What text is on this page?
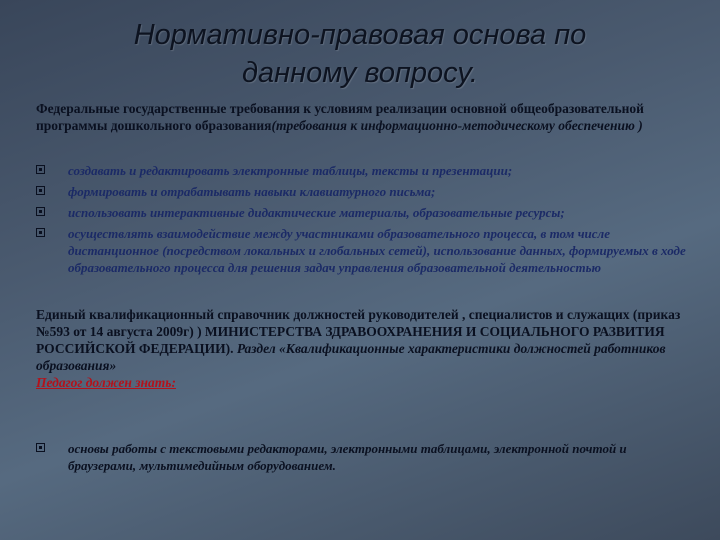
Нормативно-правовая основа по
данному вопросу.
Федеральные государственные требования к условиям реализации основной общеобразовательной программы дошкольного образования(требования к информационно-методическому обеспечению )
создавать и редактировать электронные таблицы, тексты и презентации;
формировать и отрабатывать навыки клавиатурного письма;
использовать интерактивные дидактические материалы, образовательные ресурсы;
осуществлять взаимодействие между участниками образовательного процесса, в том числе дистанционное (посредством локальных и глобальных сетей), использование данных, формируемых в ходе образовательного процесса для решения задач управления образовательной деятельностью
Единый квалификационный справочник должностей руководителей , специалистов и служащих (приказ №593 от 14 августа 2009г) ) МИНИСТЕРСТВА ЗДРАВООХРАНЕНИЯ И СОЦИАЛЬНОГО РАЗВИТИЯ РОССИЙСКОЙ ФЕДЕРАЦИИ). Раздел «Квалификационные характеристики должностей работников образования»
Педагог должен знать:
основы работы с текстовыми редакторами, электронными таблицами, электронной почтой и браузерами, мультимедийным оборудованием.
